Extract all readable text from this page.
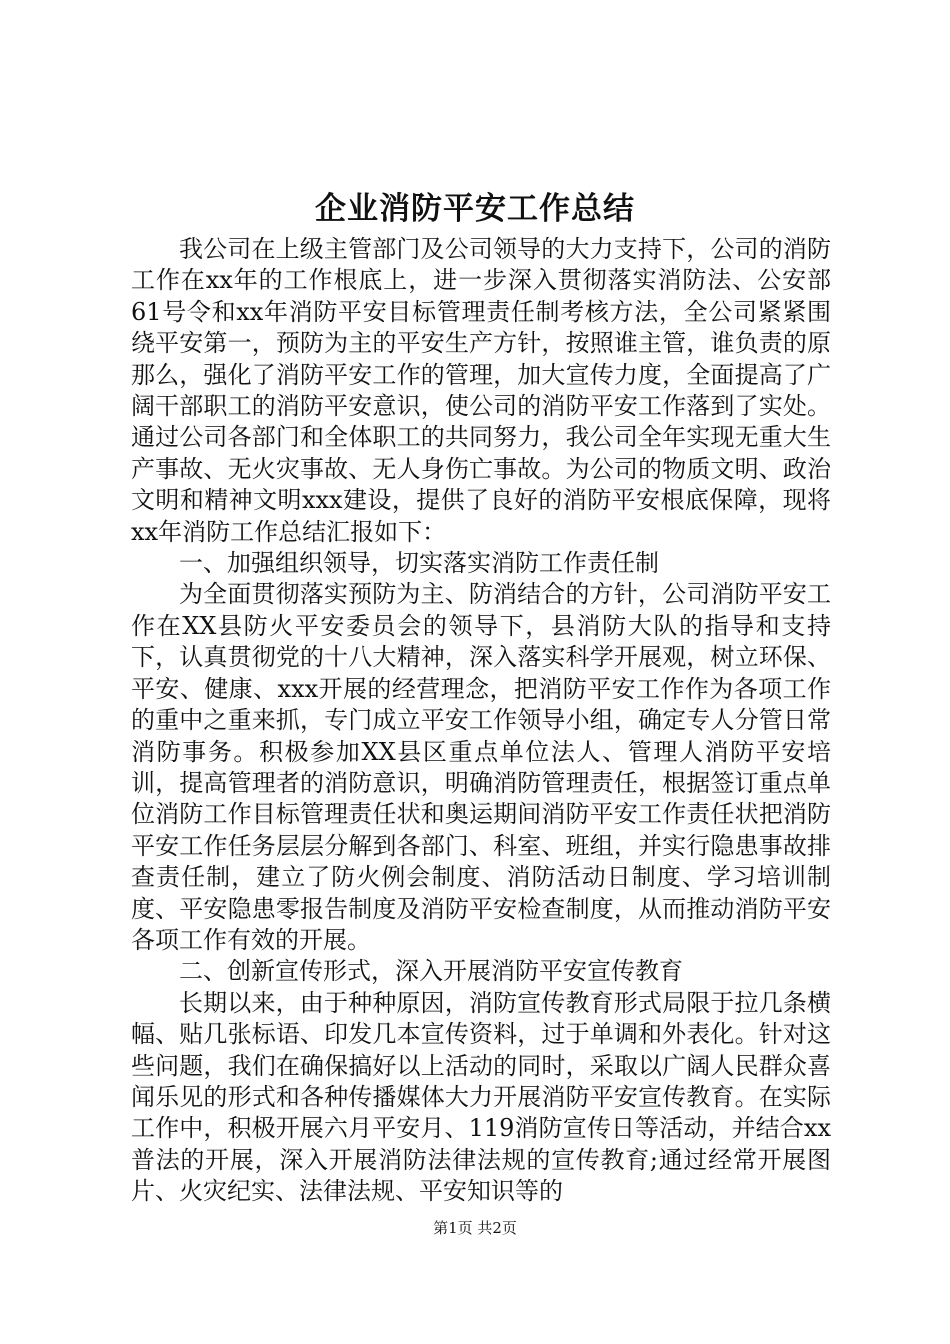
企业消防平安工作总结

我公司在上级主管部门及公司领导的大力支持下，公司的消防工作在xx年的工作根底上，进一步深入贯彻落实消防法、公安部61号令和xx年消防平安目标管理责任制考核方法，全公司紧紧围绕平安第一，预防为主的平安生产方针，按照谁主管，谁负责的原那么，强化了消防平安工作的管理，加大宣传力度，全面提高了广阔干部职工的消防平安意识，使公司的消防平安工作落到了实处。通过公司各部门和全体职工的共同努力，我公司全年实现无重大生产事故、无火灾事故、无人身伤亡事故。为公司的物质文明、政治文明和精神文明xxx建设，提供了良好的消防平安根底保障，现将xx年消防工作总结汇报如下：

一、加强组织领导，切实落实消防工作责任制

为全面贯彻落实预防为主、防消结合的方针，公司消防平安工作在XX县防火平安委员会的领导下，县消防大队的指导和支持下，认真贯彻党的十八大精神，深入落实科学开展观，树立环保、平安、健康、xxx开展的经营理念，把消防平安工作作为各项工作的重中之重来抓，专门成立平安工作领导小组，确定专人分管日常消防事务。积极参加XX县区重点单位法人、管理人消防平安培训，提高管理者的消防意识，明确消防管理责任，根据签订重点单位消防工作目标管理责任状和奥运期间消防平安工作责任状把消防平安工作任务层层分解到各部门、科室、班组，并实行隐患事故排查责任制，建立了防火例会制度、消防活动日制度、学习培训制度、平安隐患零报告制度及消防平安检查制度，从而推动消防平安各项工作有效的开展。

二、创新宣传形式，深入开展消防平安宣传教育

长期以来，由于种种原因，消防宣传教育形式局限于拉几条横幅、贴几张标语、印发几本宣传资料，过于单调和外表化。针对这些问题，我们在确保搞好以上活动的同时，采取以广阔人民群众喜闻乐见的形式和各种传播媒体大力开展消防平安宣传教育。在实际工作中，积极开展六月平安月、119消防宣传日等活动，并结合xx普法的开展，深入开展消防法律法规的宣传教育;通过经常开展图片、火灾纪实、法律法规、平安知识等的

第1页 共2页
